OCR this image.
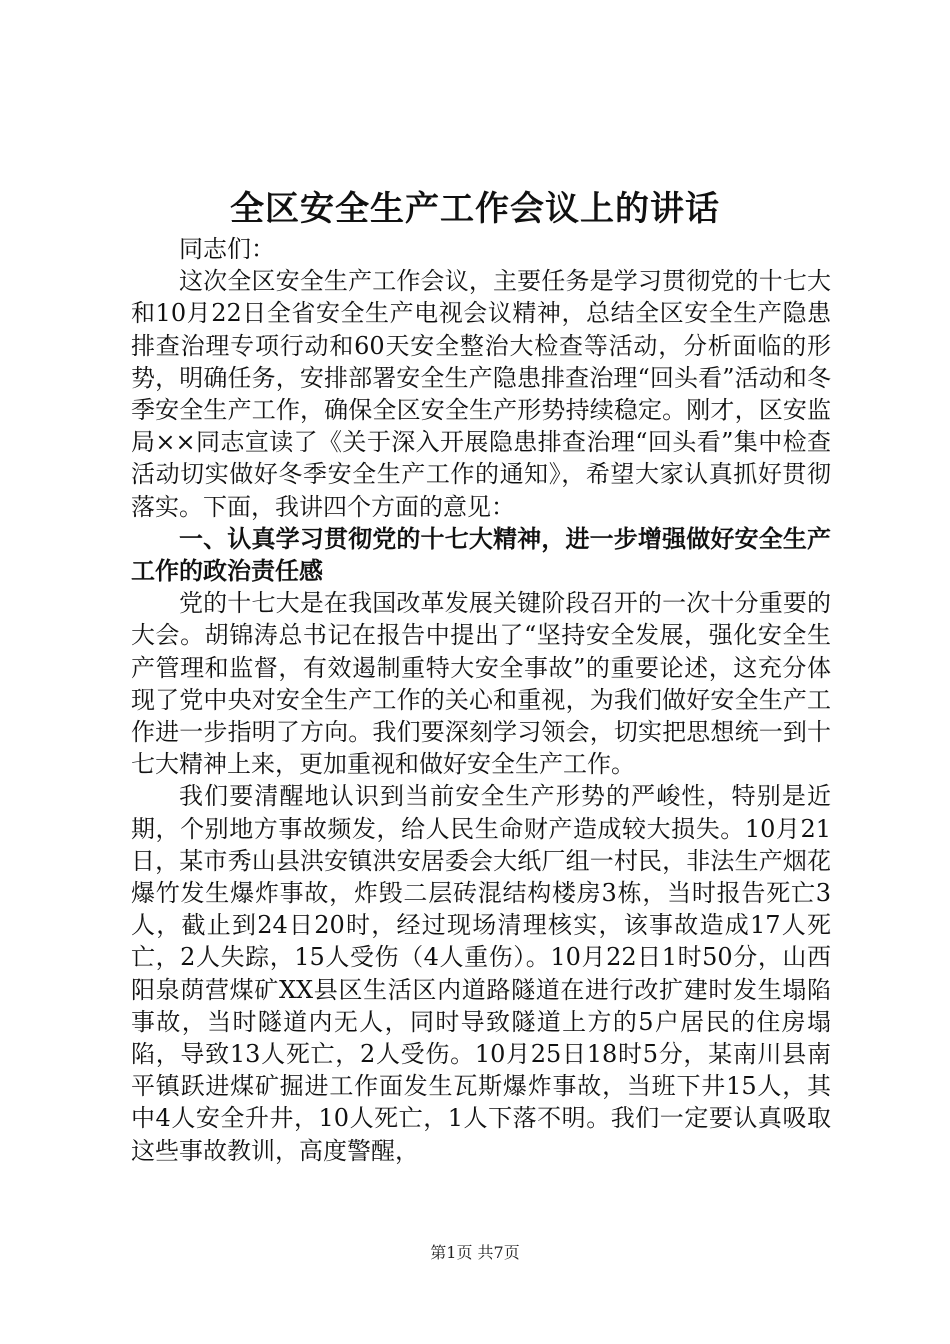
全区安全生产工作会议上的讲话

同志们：

这次全区安全生产工作会议，主要任务是学习贯彻党的十七大和10月22日全省安全生产电视会议精神，总结全区安全生产隐患排查治理专项行动和60天安全整治大检查等活动，分析面临的形势，明确任务，安排部署安全生产隐患排查治理“回头看”活动和冬季安全生产工作，确保全区安全生产形势持续稳定。刚才，区安监局××同志宣读了《关于深入开展隐患排查治理“回头看”集中检查活动切实做好冬季安全生产工作的通知》，希望大家认真抓好贯彻落实。下面，我讲四个方面的意见：

一、认真学习贯彻党的十七大精神，进一步增强做好安全生产工作的政治责任感

党的十七大是在我国改革发展关键阶段召开的一次十分重要的大会。胡锦涛总书记在报告中提出了“坚持安全发展，强化安全生产管理和监督，有效遏制重特大安全事故”的重要论述，这充分体现了党中央对安全生产工作的关心和重视，为我们做好安全生产工作进一步指明了方向。我们要深刻学习领会，切实把思想统一到十七大精神上来，更加重视和做好安全生产工作。

我们要清醒地认识到当前安全生产形势的严峻性，特别是近期，个别地方事故频发，给人民生命财产造成较大损失。10月21日，某市秀山县洪安镇洪安居委会大纸厂组一村民，非法生产烟花爆竹发生爆炸事故，炸毁二层砖混结构楼房3栋，当时报告死亡3人，截止到24日20时，经过现场清理核实，该事故造成17人死亡，2人失踪，15人受伤（4人重伤）。10月22日1时50分，山西阳泉荫营煤矿XX县区生活区内道路隧道在进行改扩建时发生塌陷事故，当时隧道内无人，同时导致隧道上方的5户居民的住房塌陷，导致13人死亡，2人受伤。10月25日18时5分，某南川县南平镇跃进煤矿掘进工作面发生瓦斯爆炸事故，当班下井15人，其中4人安全升井，10人死亡，1人下落不明。我们一定要认真吸取这些事故教训，高度警醒，

第1页 共7页
